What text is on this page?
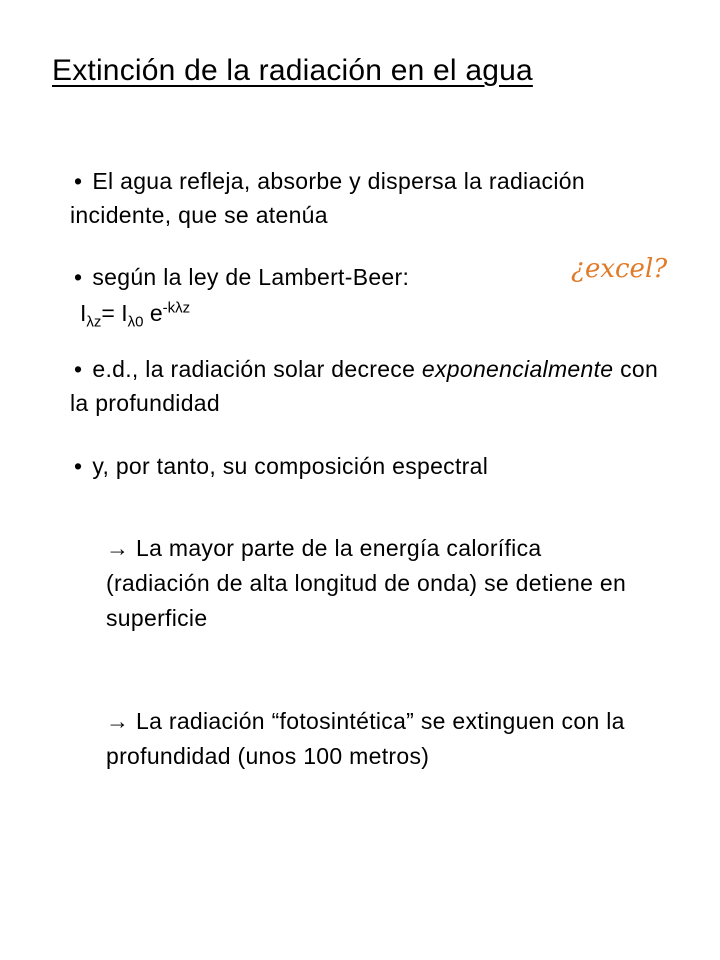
Extinción de la radiación en el agua
• El agua refleja, absorbe y dispersa la radiación incidente, que se atenúa
• según la ley de Lambert-Beer:	¿excel?
$I_{\lambda z}= I_{\lambda 0}$ $e^{-k\lambda z}$
• e.d., la radiación solar decrece exponencialmente con la profundidad
• y, por tanto, su composición espectral
→ La mayor parte de la energía calorífica (radiación de alta longitud de onda) se detiene en superficie
→ La radiación “fotosintética” se extinguen con la profundidad (unos 100 metros)
